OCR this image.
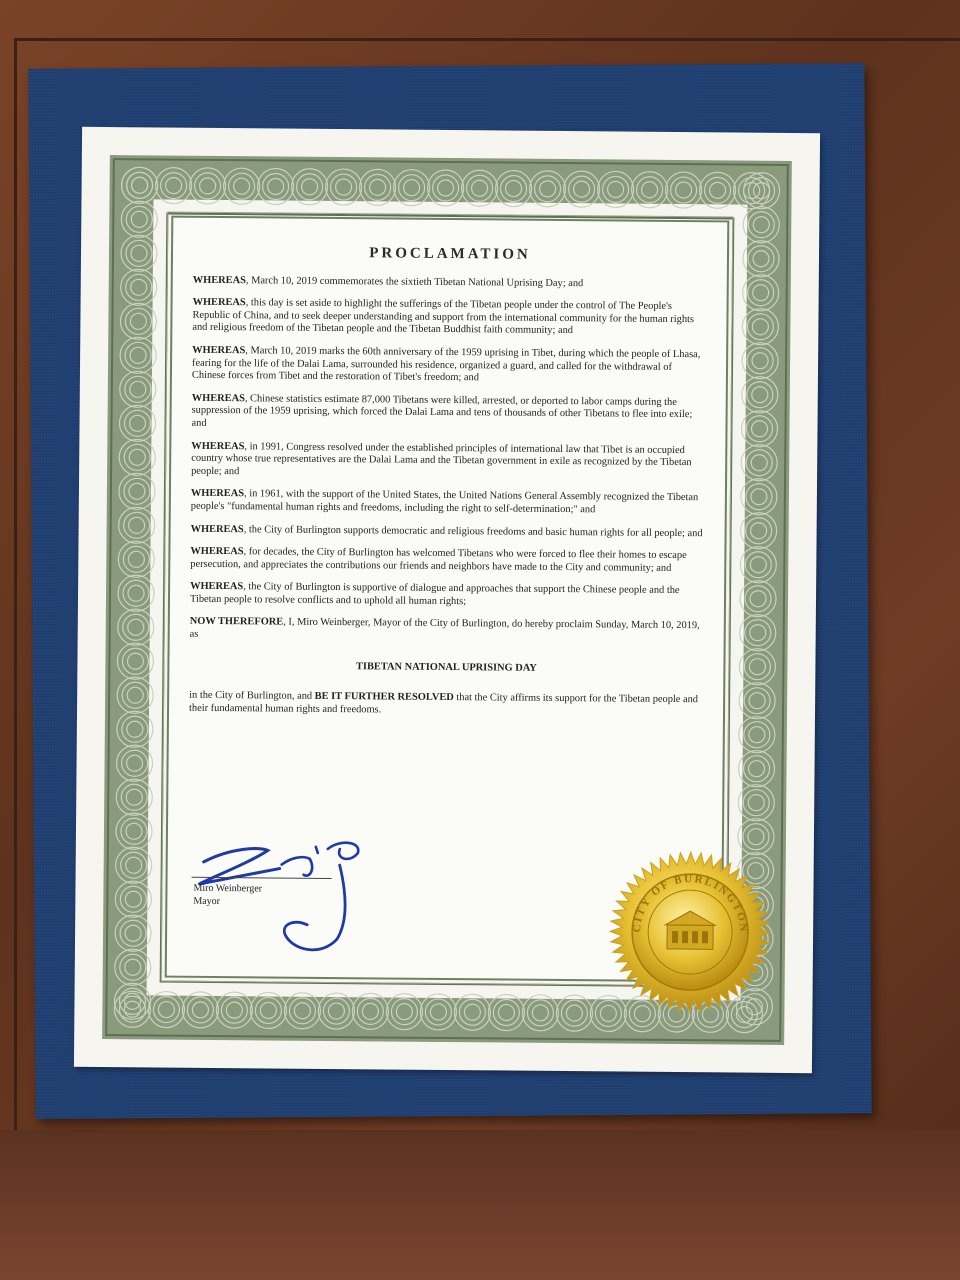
PROCLAMATION
WHEREAS, March 10, 2019 commemorates the sixtieth Tibetan National Uprising Day; and
WHEREAS, this day is set aside to highlight the sufferings of the Tibetan people under the control of The People's Republic of China, and to seek deeper understanding and support from the international community for the human rights and religious freedom of the Tibetan people and the Tibetan Buddhist faith community; and
WHEREAS, March 10, 2019 marks the 60th anniversary of the 1959 uprising in Tibet, during which the people of Lhasa, fearing for the life of the Dalai Lama, surrounded his residence, organized a guard, and called for the withdrawal of Chinese forces from Tibet and the restoration of Tibet's freedom; and
WHEREAS, Chinese statistics estimate 87,000 Tibetans were killed, arrested, or deported to labor camps during the suppression of the 1959 uprising, which forced the Dalai Lama and tens of thousands of other Tibetans to flee into exile; and
WHEREAS, in 1991, Congress resolved under the established principles of international law that Tibet is an occupied country whose true representatives are the Dalai Lama and the Tibetan government in exile as recognized by the Tibetan people; and
WHEREAS, in 1961, with the support of the United States, the United Nations General Assembly recognized the Tibetan people's "fundamental human rights and freedoms, including the right to self-determination;" and
WHEREAS, the City of Burlington supports democratic and religious freedoms and basic human rights for all people; and
WHEREAS, for decades, the City of Burlington has welcomed Tibetans who were forced to flee their homes to escape persecution, and appreciates the contributions our friends and neighbors have made to the City and community; and
WHEREAS, the City of Burlington is supportive of dialogue and approaches that support the Chinese people and the Tibetan people to resolve conflicts and to uphold all human rights;
NOW THEREFORE, I, Miro Weinberger, Mayor of the City of Burlington, do hereby proclaim Sunday, March 10, 2019, as
TIBETAN NATIONAL UPRISING DAY
in the City of Burlington, and BE IT FURTHER RESOLVED that the City affirms its support for the Tibetan people and their fundamental human rights and freedoms.
Miro Weinberger
Mayor
CITY OF BURLINGTON
